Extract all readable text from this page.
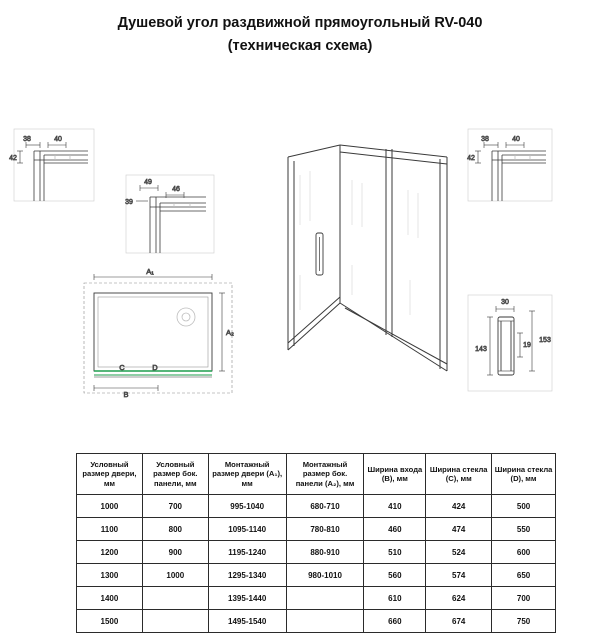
Душевой угол раздвижной прямоугольный RV-040
(техническая схема)
38	40
42
49
39
46
38	40
42
30
153
143
19
A₁
A₂
B
D
C
Условный размер двери, мм	Условный размер бок. панели, мм	Монтажный размер двери (A₁), мм	Монтажный размер бок. панели (A₂), мм	Ширина входа (B), мм	Ширина стекла (C), мм	Ширина стекла (D), мм
1000	700	995-1040	680-710	410	424	500
1100	800	1095-1140	780-810	460	474	550
1200	900	1195-1240	880-910	510	524	600
1300	1000	1295-1340	980-1010	560	574	650
1400		1395-1440		610	624	700
1500		1495-1540		660	674	750
